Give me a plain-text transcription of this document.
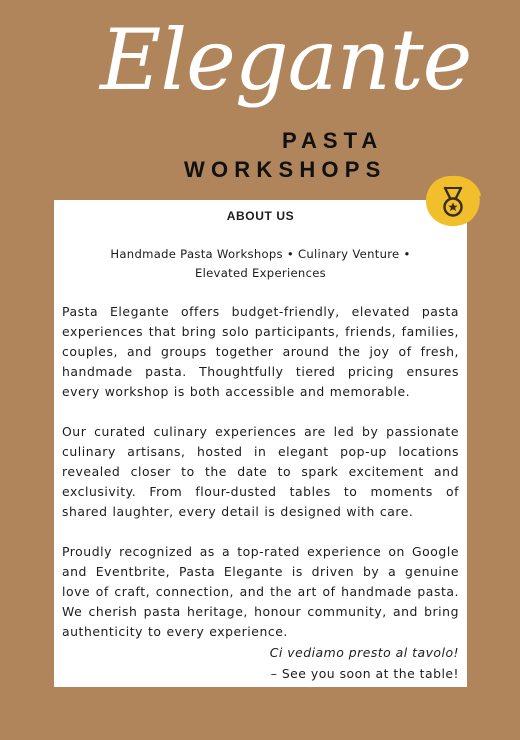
Elegante
PASTA
WORKSHOPS
ABOUT US
Handmade Pasta Workshops • Culinary Venture •
Elevated Experiences

Pasta Elegante offers budget-friendly, elevated pasta experiences that bring solo participants, friends, families, couples, and groups together around the joy of fresh, handmade pasta. Thoughtfully tiered pricing ensures every workshop is both accessible and memorable.

Our curated culinary experiences are led by passionate culinary artisans, hosted in elegant pop-up locations revealed closer to the date to spark excitement and exclusivity. From flour-dusted tables to moments of shared laughter, every detail is designed with care.

Proudly recognized as a top-rated experience on Google and Eventbrite, Pasta Elegante is driven by a genuine love of craft, connection, and the art of handmade pasta. We cherish pasta heritage, honour community, and bring authenticity to every experience.

Ci vediamo presto al tavolo!
– See you soon at the table!
